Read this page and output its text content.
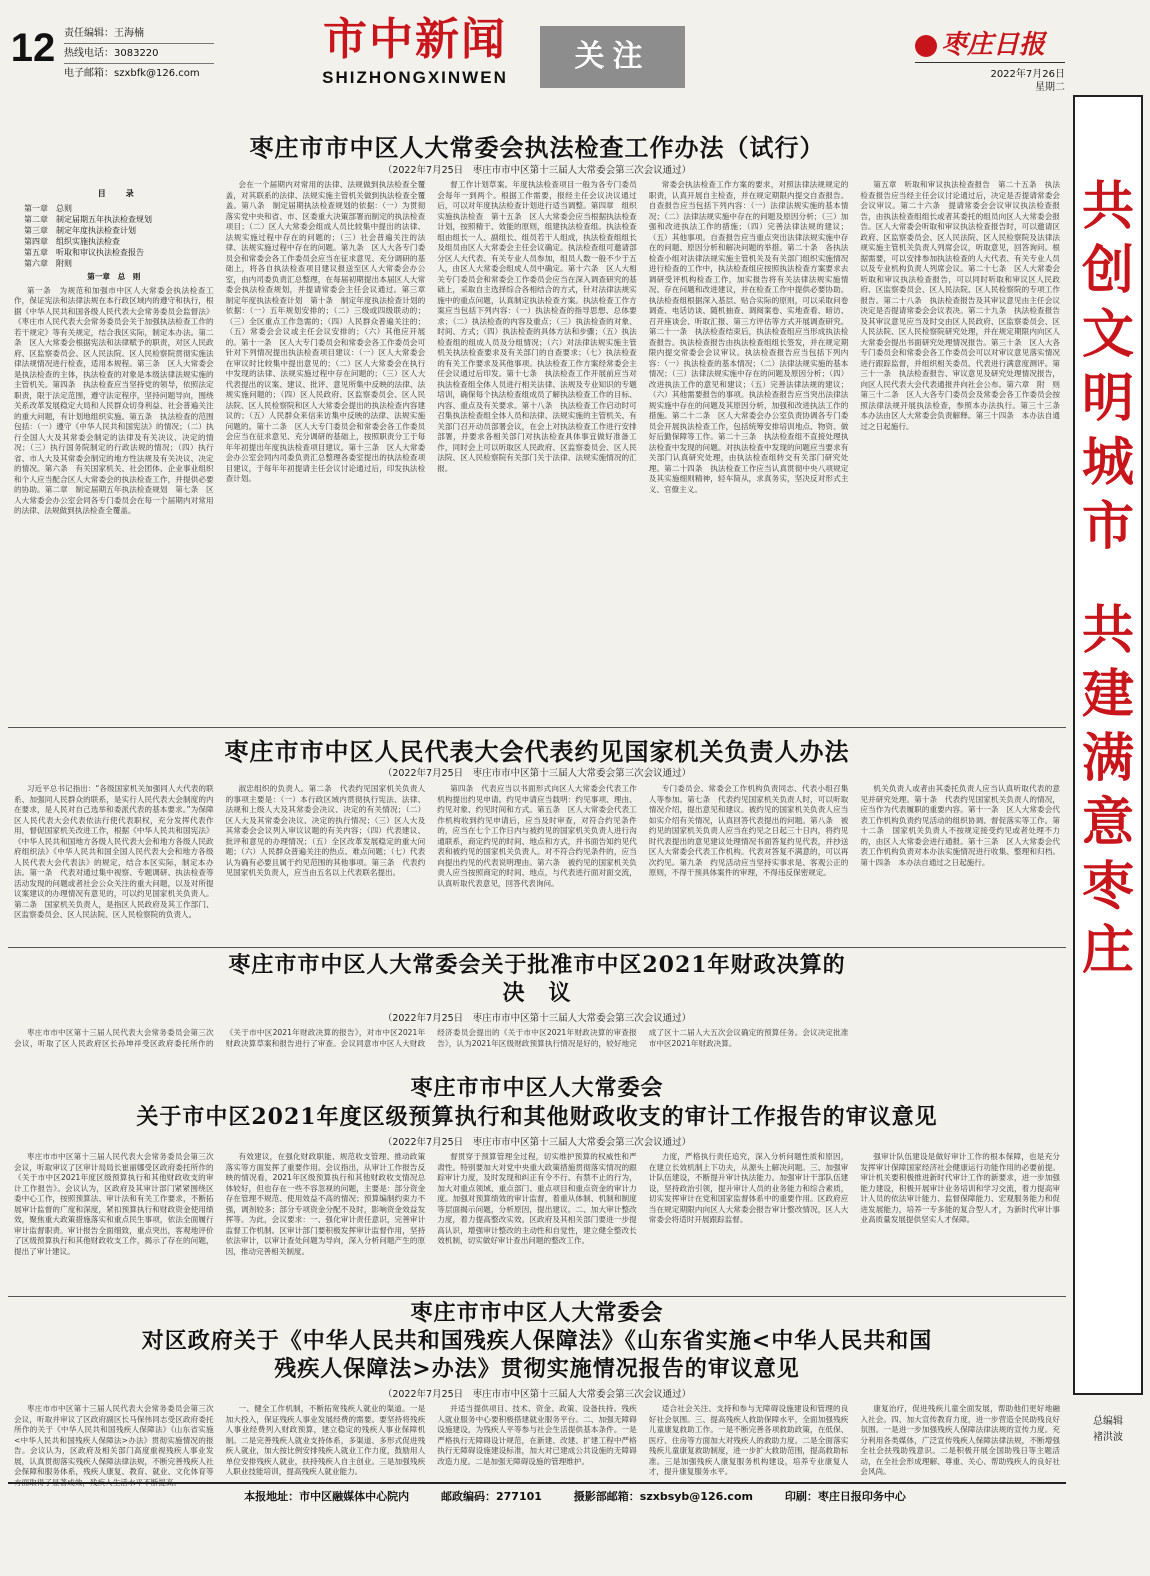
12 责任编辑：王海楠
热线电话：3083220
电子邮箱：szxbfk@126.com
市中新闻
SHIZHONGXINWEN
关注	枣庄日报
2022年7月26日
星期二
共
创
文
明
城
市
共
建
满
意
枣
庄
总编辑
褚洪波
枣庄市市中区人大常委会执法检查工作办法（试行）
（2022年7月25日　枣庄市市中区第十三届人大常委会第三次会议通过）
目　录
第一章　总则
第二章　制定届期五年执法检查规划
第三章　制定年度执法检查计划
第四章　组织实施执法检查
第五章　听取和审议执法检查报告
第六章　附则

第一章　总　则

第一条　为规范和加强市中区人大常委会执法检查工作，保证宪法和法律法规在本行政区域内的遵守和执行，根据《中华人民共和国各级人民代表大会常务委员会监督法》《枣庄市人民代表大会常务委员会关于加强执法检查工作的若干规定》等有关规定，结合我区实际，制定本办法。第二条　区人大常委会根据宪法和法律赋予的职责，对区人民政府、区监察委员会、区人民法院、区人民检察院贯彻实施法律法规情况进行检查，适用本规程。第三条　区人大常委会是执法检查的主体，执法检查的对象是本级法律法规实施的主管机关。第四条　执法检查应当坚持党的领导，依照法定职责，限于法定范围，遵守法定程序，坚持问题导向，围绕关系改革发展稳定大局和人民群众切身利益、社会普遍关注的重大问题，有计划地组织实施。第五条　执法检查的范围包括：（一）遵守《中华人民共和国宪法》的情况；（二）执行全国人大及其常委会制定的法律及有关决议、决定的情况；（三）执行国务院制定的行政法规的情况；（四）执行省、市人大及其常委会制定的地方性法规及有关决议、决定的情况。第六条　有关国家机关、社会团体、企业事业组织和个人应当配合区人大常委会的执法检查工作，并提供必要的协助。第二章　制定届期五年执法检查规划　第七条　区人大常委会办公室会同各专门委员会在每一个届期内对常用的法律、法规做到执法检查全覆盖。

会在一个届期内对常用的法律、法规做到执法检查全覆盖，对其联系的法律、法规实施主管机关做到执法检查全覆盖。第八条　制定届期执法检查规划的依据：（一）为贯彻落实党中央和省、市、区委重大决策部署而制定的执法检查项目；（二）区人大常委会组成人员比较集中提出的法律、法规实施过程中存在的问题的；（三）社会普遍关注的法律、法规实施过程中存在的问题。第九条　区人大各专门委员会和常委会各工作委员会应当在征求意见、充分调研的基础上，将各自执法检查项目建议报送至区人大常委会办公室，由内司委负责汇总整理，在每届初期提出本届区人大常委会执法检查规划，并提请常委会主任会议通过。第三章　制定年度执法检查计划　第十条　制定年度执法检查计划的依据：（一）五年规划安排的；（二）三级或四级联动的；（三）全区重点工作急需的；（四）人民群众普遍关注的；（五）常委会会议或主任会议安排的；（六）其他应开展的。第十一条　区人大专门委员会和常委会各工作委员会可针对下列情况提出执法检查项目建议：（一）区人大常委会在审议时比较集中提出意见的；（二）区人大常委会在执行中发现的法律、法规实施过程中存在问题的；（三）区人大代表提出的议案、建议、批评、意见所集中反映的法律、法规实施问题的；（四）区人民政府、区监察委员会、区人民法院、区人民检察院和区人大常委会提出的执法检查内容建议的；（五）人民群众来信来访集中反映的法律、法规实施问题的。第十二条　区人大专门委员会和常委会各工作委员会应当在征求意见、充分调研的基础上，按照职责分工于每年年初提出年度执法检查项目建议。第十三条　区人大常委会办公室会同内司委负责汇总整理各委室提出的执法检查项目建议，于每年年初提请主任会议讨论通过后，印发执法检查计划。

督工作计划草案。年度执法检查项目一般为各专门委员会每年一到两个。根据工作需要，报经主任会议决议通过后，可以对年度执法检查计划进行适当调整。第四章　组织实施执法检查　第十五条　区人大常委会应当根据执法检查计划，按照精干、效能的原则，组建执法检查组。执法检查组由组长一人、副组长、组员若干人组成，执法检查组组长及组员由区人大常委会主任会议确定。执法检查组可邀请部分区人大代表、有关专业人员参加，组员人数一般不少于五人，由区人大常委会组成人员中确定。第十六条　区人大相关专门委员会和常委会工作委员会应当在深入调查研究的基础上，采取自主选择综合各相结合的方式，针对法律法规实施中的重点问题，认真制定执法检查方案。执法检查工作方案应当包括下列内容：（一）执法检查的指导思想、总体要求；（二）执法检查的内容及重点；（三）执法检查的对象、时间、方式；（四）执法检查的具体方法和步骤；（五）执法检查组的组成人员及分组情况；（六）对法律法规实施主管机关执法检查要求及有关部门的自查要求；（七）执法检查的有关工作要求及其他事项。执法检查工作方案经常委会主任会议通过后印发。第十七条　执法检查工作开展前应当对执法检查组全体人员进行相关法律、法规及专业知识的专题培训，确保每个执法检查组成员了解执法检查工作的目标、内容、重点及有关要求。第十八条　执法检查工作启动时可召集执法检查组全体人员和法律、法规实施的主管机关、有关部门召开动员部署会议，在会上对执法检查工作进行安排部署，并要求各相关部门对执法检查具体事宜做好准备工作，同时会上可以听取区人民政府、区监察委员会、区人民法院、区人民检察院有关部门关于法律、法规实施情况的汇报。

常委会执法检查工作方案的要求，对照法律法规规定的职责，认真开展自主检查，并在规定期限内提交自查报告。自查报告应当包括下列内容：（一）法律法规实施的基本情况；（二）法律法规实施中存在的问题及原因分析；（三）加强和改进执法工作的措施；（四）完善法律法规的建议；（五）其他事项。自查报告应当重点突出法律法规实施中存在的问题、原因分析和解决问题的举措。第二十条　各执法检查小组对法律法规实施主管机关及有关部门组织实施情况进行检查的工作中，执法检查组应按照执法检查方案要求去调研受评机构检查工作，加实报告将有关法律法规实施情况、存在问题和改进建议，并在检查工作中提供必要协助。执法检查组根据深入基层、贴合实际的原则，可以采取问卷调查、电话访谈、随机抽查、调阅案卷、实地查看、暗访、召开座谈会、听取汇报、第三方评估等方式开展调查研究。第二十一条　执法检查结束后，执法检查组应当形成执法检查报告。执法检查报告由执法检查组组长签发，并在规定期限内提交常委会会议审议。执法检查报告应当包括下列内容：（一）执法检查的基本情况；（二）法律法规实施的基本情况；（三）法律法规实施中存在的问题及原因分析；（四）改进执法工作的意见和建议；（五）完善法律法规的建议；（六）其他需要报告的事项。执法检查报告应当突出法律法规实施中存在的问题及其原因分析，加强和改进执法工作的措施。第二十二条　区人大常委会办公室负责协调各专门委员会开展执法检查工作，包括统筹安排培训地点、物资、做好后勤保障等工作。第二十三条　执法检查组不直接处理执法检查中发现的问题。对执法检查中发现的问题应当要求有关部门认真研究处理，由执法检查组转交有关部门研究处理。第二十四条　执法检查工作应当认真贯彻中央八项规定及其实施细则精神，轻车简从，求真务实，坚决反对形式主义、官僚主义。

第五章　听取和审议执法检查报告　第二十五条　执法检查报告应当经主任会议讨论通过后，决定是否提请常委会会议审议。第二十六条　提请常委会会议审议执法检查报告，由执法检查组组长或者其委托的组员向区人大常委会报告。区人大常委会听取和审议执法检查报告时，可以邀请区政府、区监察委员会、区人民法院、区人民检察院及法律法规实施主管机关负责人列席会议，听取意见，回答询问。根据需要，可以安排参加执法检查的人大代表、有关专业人员以及专业机构负责人列席会议。第二十七条　区人大常委会听取和审议执法检查报告，可以同时听取和审议区人民政府、区监察委员会、区人民法院、区人民检察院的专项工作报告。第二十八条　执法检查报告及其审议意见由主任会议决定是否提请常委会会议表决。第二十九条　执法检查报告及其审议意见应当及时交由区人民政府、区监察委员会、区人民法院、区人民检察院研究处理，并在规定期限内向区人大常委会提出书面研究处理情况报告。第三十条　区人大各专门委员会和常委会各工作委员会可以对审议意见落实情况进行跟踪监督，并组织相关委员、代表进行满意度测评。第三十一条　执法检查报告、审议意见及研究处理情况报告，向区人民代表大会代表通报并向社会公布。第六章　附　则　第三十二条　区人大各专门委员会及常委会各工作委员会按照法律法规开展执法检查，参照本办法执行。第三十三条　本办法由区人大常委会负责解释。第三十四条　本办法自通过之日起施行。

枣庄市市中区人民代表大会代表约见国家机关负责人办法
（2022年7月25日　枣庄市市中区第十三届人大常委会第三次会议通过）

习近平总书记指出：“各级国家机关加强同人大代表的联系、加强同人民群众的联系，是实行人民代表大会制度的内在要求，是人民对自己选举和委派代表的基本要求。”为保障区人民代表大会代表依法行使代表职权，充分发挥代表作用，督促国家机关改进工作，根据《中华人民共和国宪法》《中华人民共和国地方各级人民代表大会和地方各级人民政府组织法》《中华人民共和国全国人民代表大会和地方各级人民代表大会代表法》的规定，结合本区实际，制定本办法。第一条　代表对通过集中视察、专题调研、执法检查等活动发现的问题或者社会公众关注的重大问题，以及对所提议案建议的办理情况有意见的，可以约见国家机关负责人。第二条　国家机关负责人，是指区人民政府及其工作部门、区监察委员会、区人民法院、区人民检察院的负责人。

淑忠组织的负责人。第二条　代表约见国家机关负责人的事项主要是：（一）本行政区域内贯彻执行宪法、法律、法规和上级人大及其常委会决议、决定的有关情况；（二）区人大及其常委会决议、决定的执行情况；（三）区人大及其常委会会议列入审议议题的有关内容；（四）代表建议、批评和意见的办理情况；（五）全区改革发展稳定的重大问题；（六）人民群众普遍关注的热点、难点问题；（七）代表认为确有必要且属于约见范围的其他事项。第三条　代表约见国家机关负责人，应当由五名以上代表联名提出。

第四条　代表应当以书面形式向区人大常委会代表工作机构提出约见申请。约见申请应当载明：约见事项、理由、约见对象、约见时间和方式。第五条　区人大常委会代表工作机构收到约见申请后，应当及时审查，对符合约见条件的，应当在七个工作日内与被约见的国家机关负责人进行沟通联系，商定约见的时间、地点和方式，并书面告知约见代表和被约见的国家机关负责人。对不符合约见条件的，应当向提出约见的代表说明理由。第六条　被约见的国家机关负责人应当按照商定的时间、地点，与代表进行面对面交流，认真听取代表意见，回答代表询问。

专门委员会、常委会工作机构负责同志、代表小组召集人等参加。第七条　代表约见国家机关负责人时，可以听取情况介绍，提出意见和建议。被约见的国家机关负责人应当如实介绍有关情况，认真回答代表提出的问题。第八条　被约见的国家机关负责人应当在约见之日起三十日内，将约见时代表提出的意见建议处理情况书面答复约见代表，并抄送区人大常委会代表工作机构。代表对答复不满意的，可以再次约见。第九条　约见活动应当坚持实事求是、客观公正的原则，不得干预具体案件的审理，不得违反保密规定。

机关负责人或者由其委托负责人应当认真听取代表的意见并研究处理。第十条　代表约见国家机关负责人的情况，应当作为代表履职的重要内容。第十一条　区人大常委会代表工作机构负责约见活动的组织协调、督促落实等工作。第十二条　国家机关负责人不按规定接受约见或者处理不力的，由区人大常委会进行通报。第十三条　区人大常委会代表工作机构负责对本办法实施情况进行收集、整理和归档。第十四条　本办法自通过之日起施行。

枣庄市市中区人大常委会关于批准市中区2021年财政决算的
决　议
（2022年7月25日　枣庄市市中区第十三届人大常委会第三次会议通过）

枣庄市市中区第十三届人民代表大会常务委员会第三次会议，听取了区人民政府区长孙坤祥受区政府委托所作的《关于市中区2021年财政决算的报告》，对市中区2021年财政决算草案和报告进行了审查。会议同意市中区人大财政经济委员会提出的《关于市中区2021年财政决算的审查报告》，认为2021年区级财政预算执行情况是好的，较好地完成了区十二届人大五次会议确定的预算任务。会议决定批准市中区2021年财政决算。

枣庄市市中区人大常委会
关于市中区2021年度区级预算执行和其他财政收支的审计工作报告的审议意见
（2022年7月25日　枣庄市市中区第十三届人大常委会第三次会议通过）

枣庄市市中区第十三届人民代表大会常务委员会第三次会议，听取审议了区审计局局长崔丽娜受区政府委托所作的《关于市中区2021年度区级预算执行和其他财政收支的审计工作报告》。会议认为，区政府及其审计部门紧紧围绕区委中心工作，按照预算法、审计法和有关工作要求，不断拓展审计监督的广度和深度，紧扣预算执行和财政资金使用绩效，聚焦重大政策措施落实和重点民生事项，依法全面履行审计监督职责。审计报告全面细致，重点突出，客观地评价了区级预算执行和其他财政收支工作，揭示了存在的问题，提出了审计建议。

有效建议，在强化财政职能、规范收支管理、推动政策落实等方面发挥了重要作用。会议指出，从审计工作报告反映的情况看，2021年区级预算执行和其他财政收支情况总体较好，但也存在一些不容忽视的问题，主要是：部分资金存在管理不规范、使用效益不高的情况；预算编制约束力不强，调剂较多；部分专项资金分配不及时，影响资金效益发挥等。为此，会议要求：一、强化审计责任意识，完善审计监督工作机制。区审计部门要积极发挥审计监督作用，坚持依法审计，以审计查处问题为导向，深入分析问题产生的原因，推动完善相关制度。

督贯穿于预算管理全过程，切实维护预算的权威性和严肃性。特别要加大对党中央重大政策措施贯彻落实情况的跟踪审计力度，及时发现和纠正有令不行、有禁不止的行为，加大对重点领域、重点部门、重点项目和重点资金的审计力度。加强对预算绩效的审计监督，着重从体制、机制和制度等层面揭示问题，分析原因，提出建议。二、加大审计整改力度，着力提高整改实效。区政府及其相关部门要进一步提高认识，增强审计整改的主动性和自觉性，建立健全整改长效机制，切实做好审计查出问题的整改工作。

力度，严格执行责任追究，深入分析问题性质和原因，在建立长效机制上下功夫，从源头上解决问题。三、加强审计队伍建设，不断提升审计执法能力。加强审计干部队伍建设，坚持政治引领，提升审计人员的业务能力和综合素质，切实发挥审计在党和国家监督体系中的重要作用。区政府应当在规定期限内向区人大常委会报告审计整改情况，区人大常委会将适时开展跟踪监督。

强审计队伍建设是做好审计工作的根本保障，也是充分发挥审计保障国家经济社会健康运行功能作用的必要前提。审计机关要积极推进新时代审计工作的新要求，进一步加强能力建设，积极开展审计业务培训和学习交流，着力提高审计人员的依法审计能力、监督保障能力、宏观服务能力和促进发展能力，培养一专多能的复合型人才，为新时代审计事业高质量发展提供坚实人才保障。

枣庄市市中区人大常委会
对区政府关于《中华人民共和国残疾人保障法》《山东省实施<中华人民共和国
残疾人保障法>办法》贯彻实施情况报告的审议意见
（2022年7月25日　枣庄市市中区第十三届人大常委会第三次会议通过）

枣庄市市中区第十三届人民代表大会常务委员会第三次会议，听取并审议了区政府副区长马保伟同志受区政府委托所作的关于《中华人民共和国残疾人保障法》《山东省实施<中华人民共和国残疾人保障法>办法》贯彻实施情况的报告。会议认为，区政府及相关部门高度重视残疾人事业发展，认真贯彻落实残疾人保障法律法规，不断完善残疾人社会保障和服务体系，残疾人康复、教育、就业、文化体育等

一、健全工作机制，不断拓宽残疾人就业的渠道。一是加大投入，保证残疾人事业发展经费的需要。要坚持将残疾人事业经费列入财政预算，建立稳定的残疾人事业保障机制。二是完善残疾人就业支持体系，多渠道、多形式促进残疾人就业，加大按比例安排残疾人就业工作力度，鼓励用人单位安排残疾人就业，扶持残疾人自主创业。三是加强残疾人职业技能培训，提高残疾人就业能力。

并适当提供项目、技术、资金、政策、设备扶持。残疾人就业服务中心要积极搭建就业服务平台。二、加强无障碍设施建设，为残疾人平等参与社会生活提供基本条件。一是严格执行无障碍设计规范，在新建、改建、扩建工程中严格执行无障碍设施建设标准，加大对已建成公共设施的无障碍改造力度。二是加强无障碍设施的管理维护。

适合社会关注、支持和参与无障碍设施建设和管理的良好社会氛围。三、提高残疾人救助保障水平，全面加强残疾儿童康复救助工作。一是不断完善各项救助政策，在低保、医疗、住房等方面加大对残疾人的救助力度。二是全面落实残疾儿童康复救助制度，进一步扩大救助范围，提高救助标准。三是加强残疾人康复服务机构建设，培养专业康复人才，提升康复服务水平。

康复治疗，促进残疾儿童全面发展，帮助他们更好地融入社会。四、加大宣传教育力度，进一步营造全民助残良好氛围。一是进一步加强残疾人保障法律法规的宣传力度。充分利用各类媒体，广泛宣传残疾人保障法律法规，不断增强全社会扶残助残意识。二是积极开展全国助残日等主题活动，在全社会形成理解、尊重、关心、帮助残疾人的良好社会风尚。

本报地址：市中区融媒体中心院内	邮政编码：277101	摄影部邮箱：szxbsyb@126.com	印刷：枣庄日报印务中心
